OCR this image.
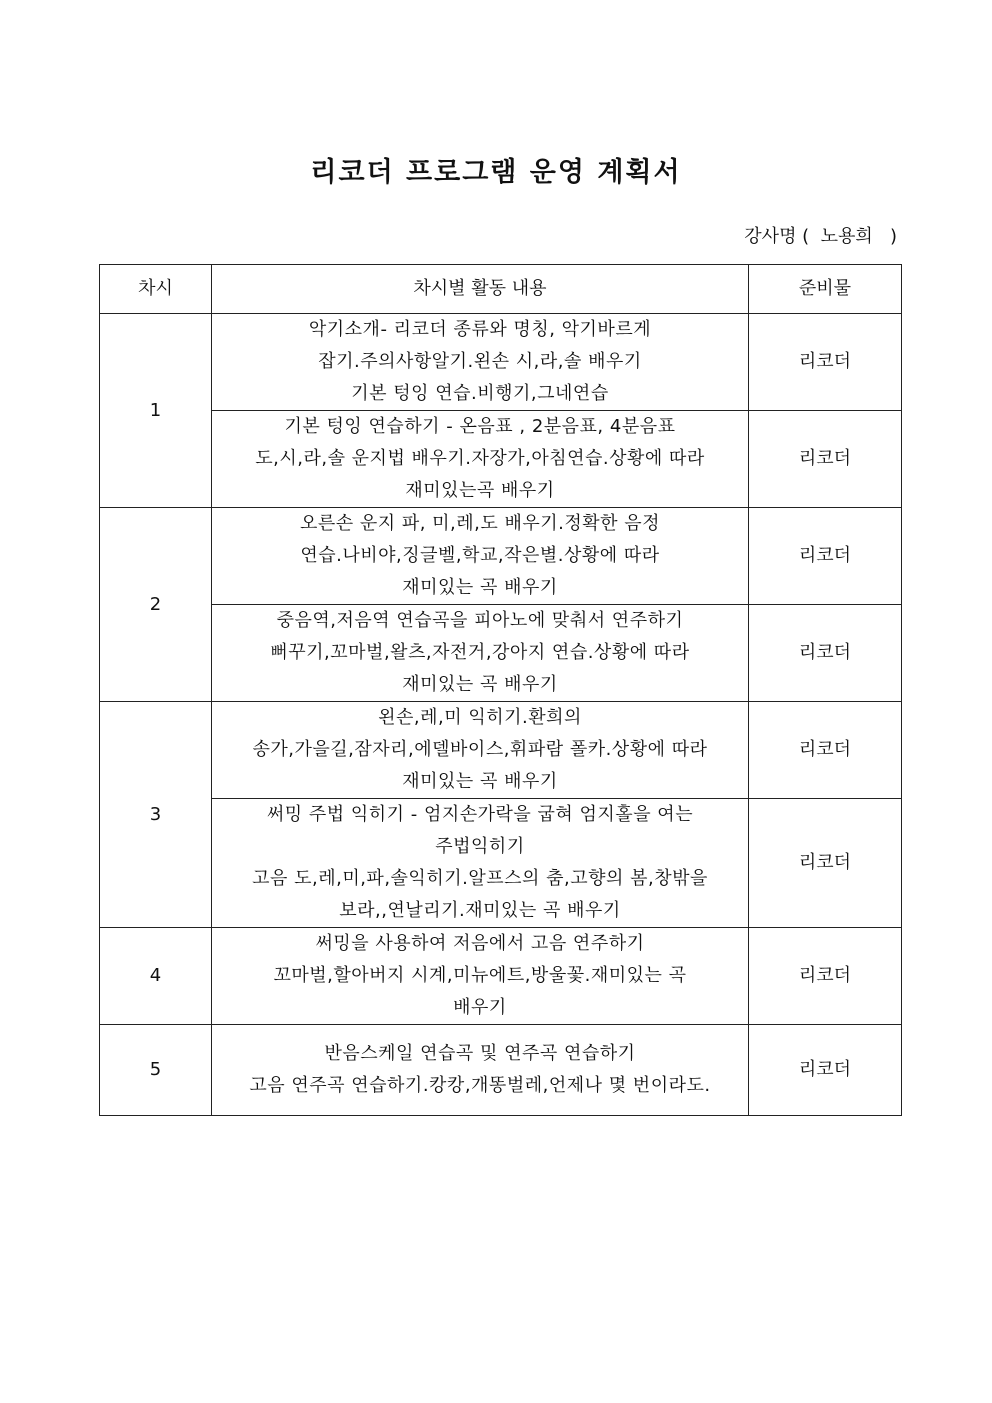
리코더 프로그램 운영 계획서
강사명 (  노용희   )
차시	차시별 활동 내용	준비물
1	악기소개- 리코더 종류와 명칭, 악기바르게
잡기.주의사항알기.왼손 시,라,솔 배우기
기본 텅잉 연습.비행기,그네연습	리코더

	기본 텅잉 연습하기 - 온음표 , 2분음표, 4분음표
도,시,라,솔 운지법 배우기.자장가,아침연습.상황에 따라
재미있는곡 배우기	리코더
2	오른손 운지 파, 미,레,도 배우기.정확한 음정
연습.나비야,징글벨,학교,작은별.상황에 따라
재미있는 곡 배우기	리코더

	중음역,저음역 연습곡을 피아노에 맞춰서 연주하기
뻐꾸기,꼬마벌,왈츠,자전거,강아지 연습.상황에 따라
재미있는 곡 배우기	리코더
3	왼손,레,미 익히기.환희의
송가,가을길,잠자리,에델바이스,휘파람 폴카.상황에 따라
재미있는 곡 배우기	리코더

	써밍 주법 익히기 - 엄지손가락을 굽혀 엄지홀을 여는
주법익히기
고음 도,레,미,파,솔익히기.알프스의 춤,고향의 봄,창밖을
보라,,연날리기.재미있는 곡 배우기	리코더
4	써밍을 사용하여 저음에서 고음 연주하기
꼬마벌,할아버지 시계,미뉴에트,방울꽃.재미있는 곡
배우기	리코더
5	반음스케일 연습곡 및 연주곡 연습하기
고음 연주곡 연습하기.캉캉,개똥벌레,언제나 몇 번이라도.	리코더
